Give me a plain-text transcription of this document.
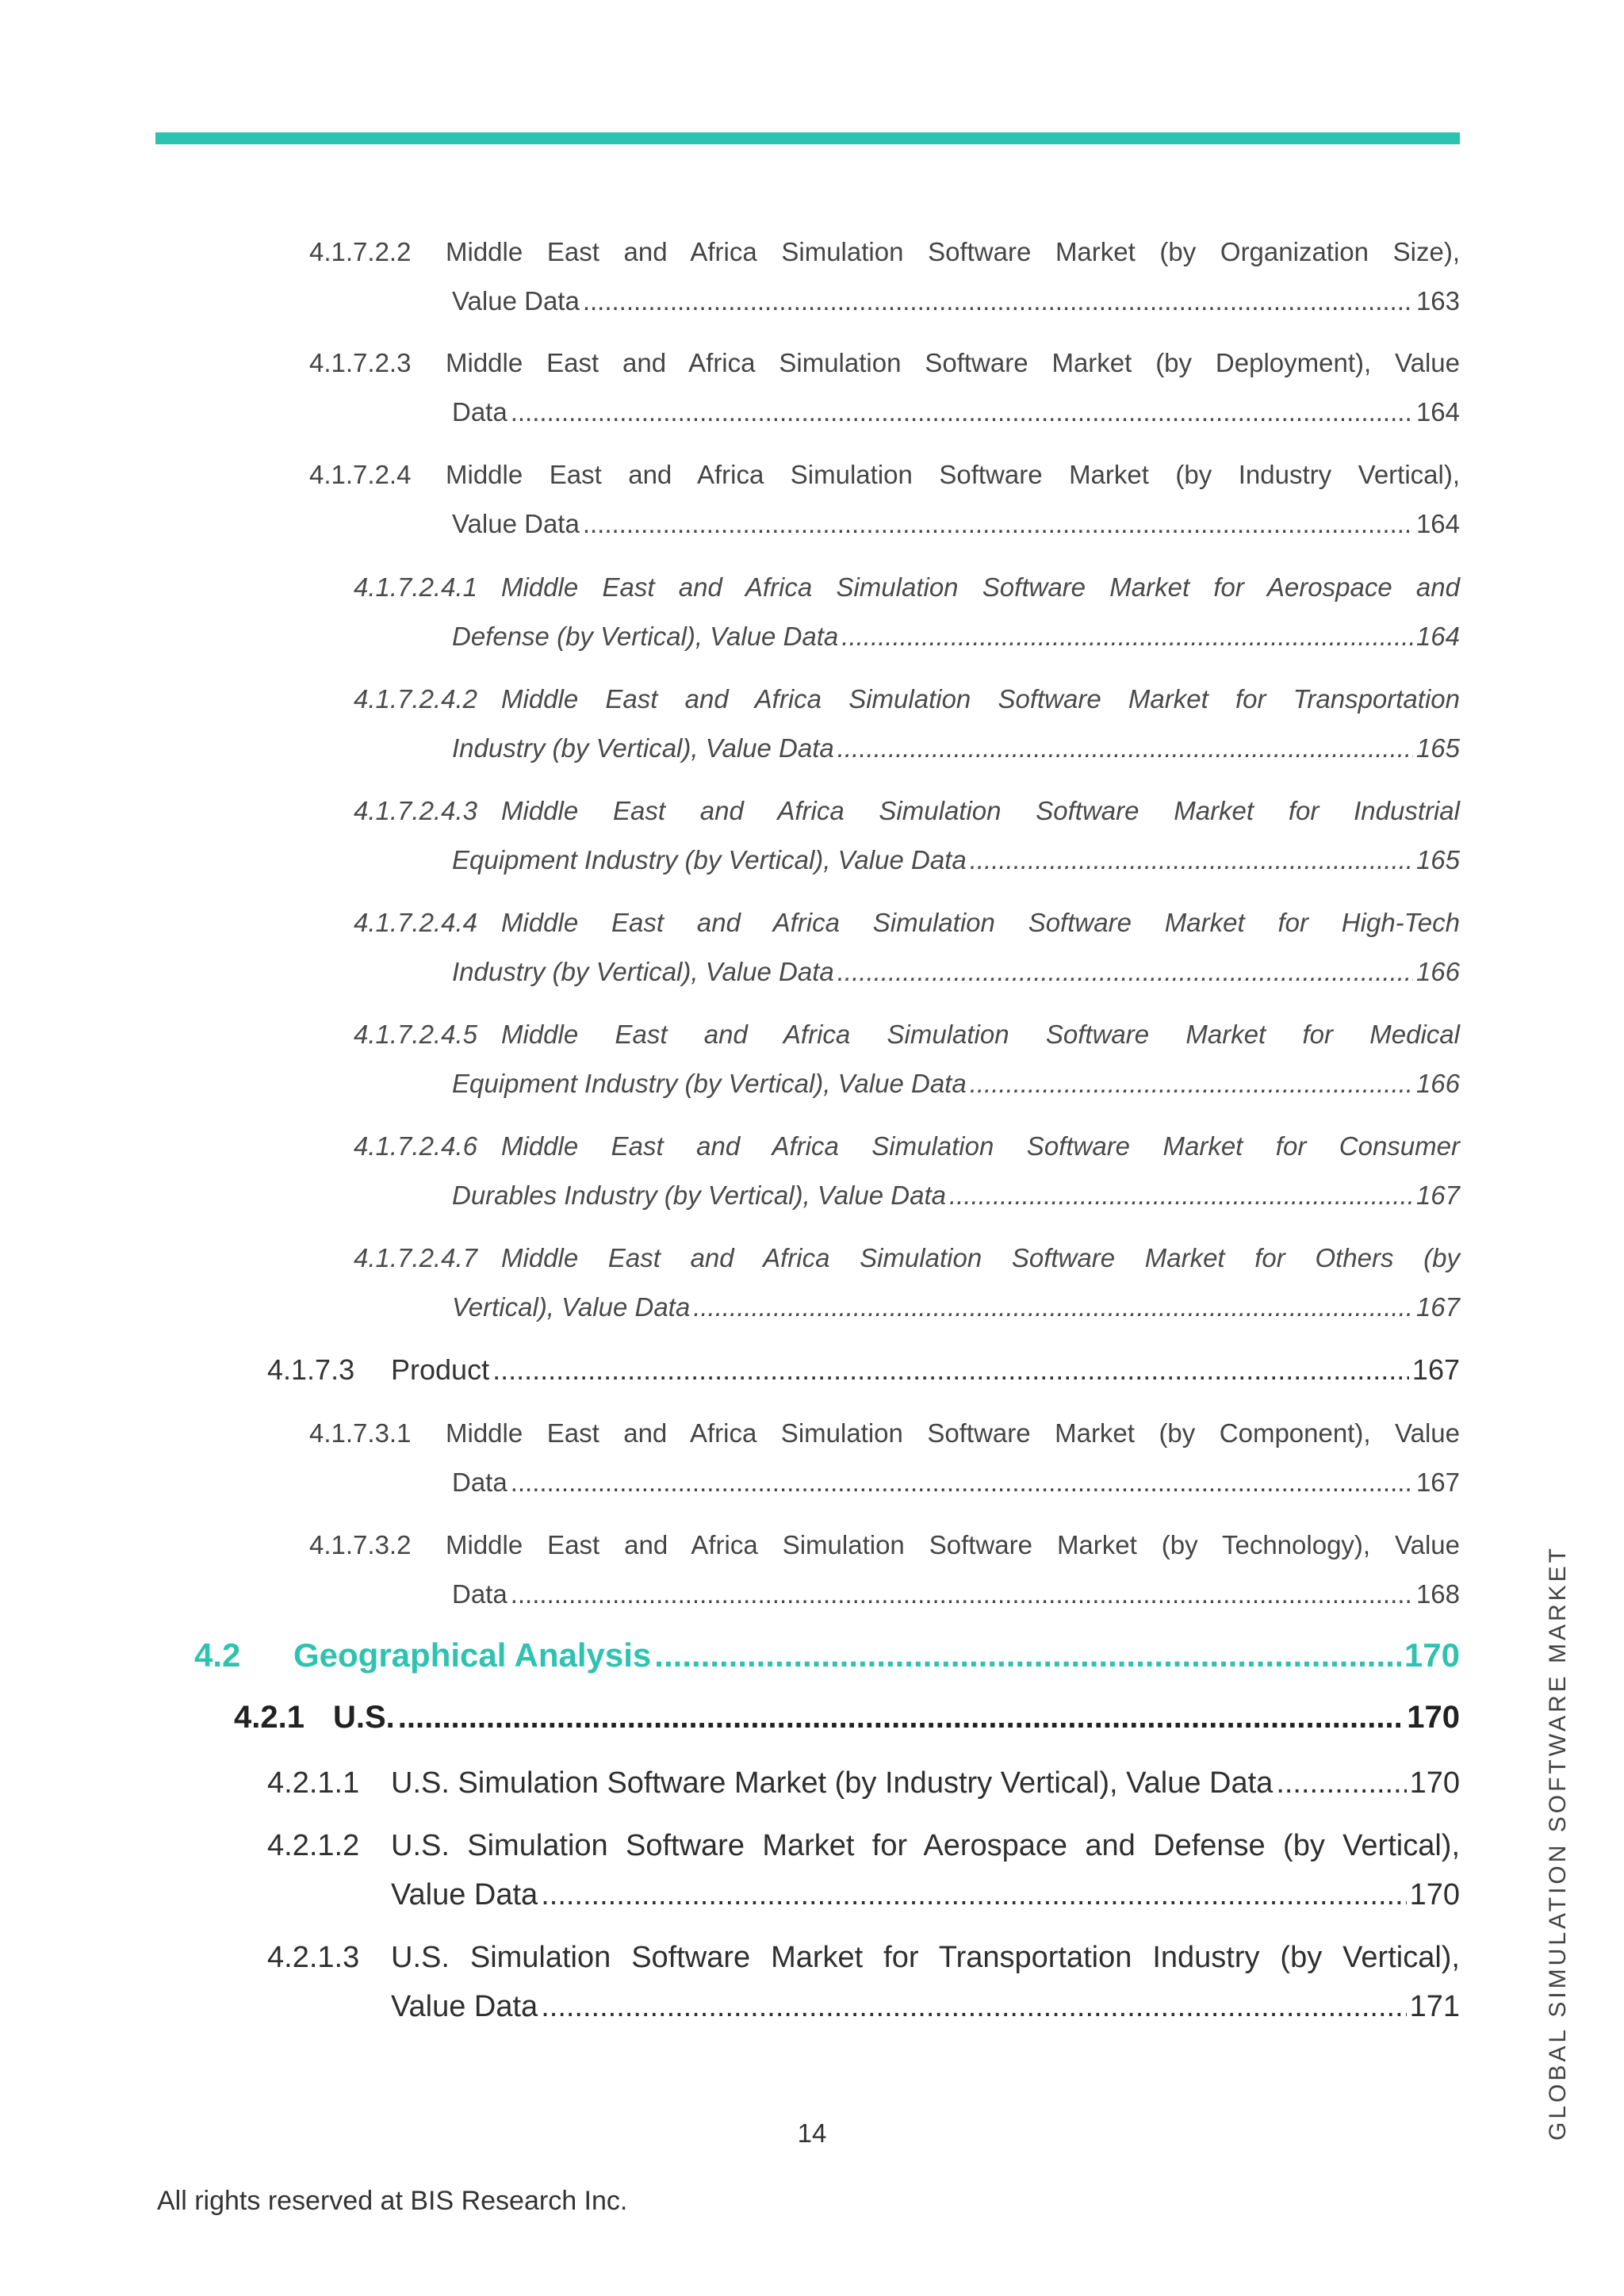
4.1.7.2.2 Middle East and Africa Simulation Software Market (by Organization Size),
Value Data .....	163
4.1.7.2.3 Middle East and Africa Simulation Software Market (by Deployment), Value
Data .....	164
4.1.7.2.4 Middle East and Africa Simulation Software Market (by Industry Vertical),
Value Data .....	164
4.1.7.2.4.1 Middle East and Africa Simulation Software Market for Aerospace and
Defense (by Vertical), Value Data .....	164
4.1.7.2.4.2 Middle East and Africa Simulation Software Market for Transportation
Industry (by Vertical), Value Data .....	165
4.1.7.2.4.3 Middle East and Africa Simulation Software Market for Industrial
Equipment Industry (by Vertical), Value Data .....	165
4.1.7.2.4.4 Middle East and Africa Simulation Software Market for High-Tech
Industry (by Vertical), Value Data .....	166
4.1.7.2.4.5 Middle East and Africa Simulation Software Market for Medical
Equipment Industry (by Vertical), Value Data .....	166
4.1.7.2.4.6 Middle East and Africa Simulation Software Market for Consumer
Durables Industry (by Vertical), Value Data .....	167
4.1.7.2.4.7 Middle East and Africa Simulation Software Market for Others (by
Vertical), Value Data .....	167
4.1.7.3 Product .....	167
4.1.7.3.1 Middle East and Africa Simulation Software Market (by Component), Value
Data .....	167
4.1.7.3.2 Middle East and Africa Simulation Software Market (by Technology), Value
Data .....	168
4.2 Geographical Analysis .....	170
4.2.1 U.S. .....	170
4.2.1.1 U.S. Simulation Software Market (by Industry Vertical), Value Data .....	170
4.2.1.2 U.S. Simulation Software Market for Aerospace and Defense (by Vertical),
Value Data .....	170
4.2.1.3 U.S. Simulation Software Market for Transportation Industry (by Vertical),
Value Data .....	171
14
All rights reserved at BIS Research Inc.
GLOBAL SIMULATION SOFTWARE MARKET
